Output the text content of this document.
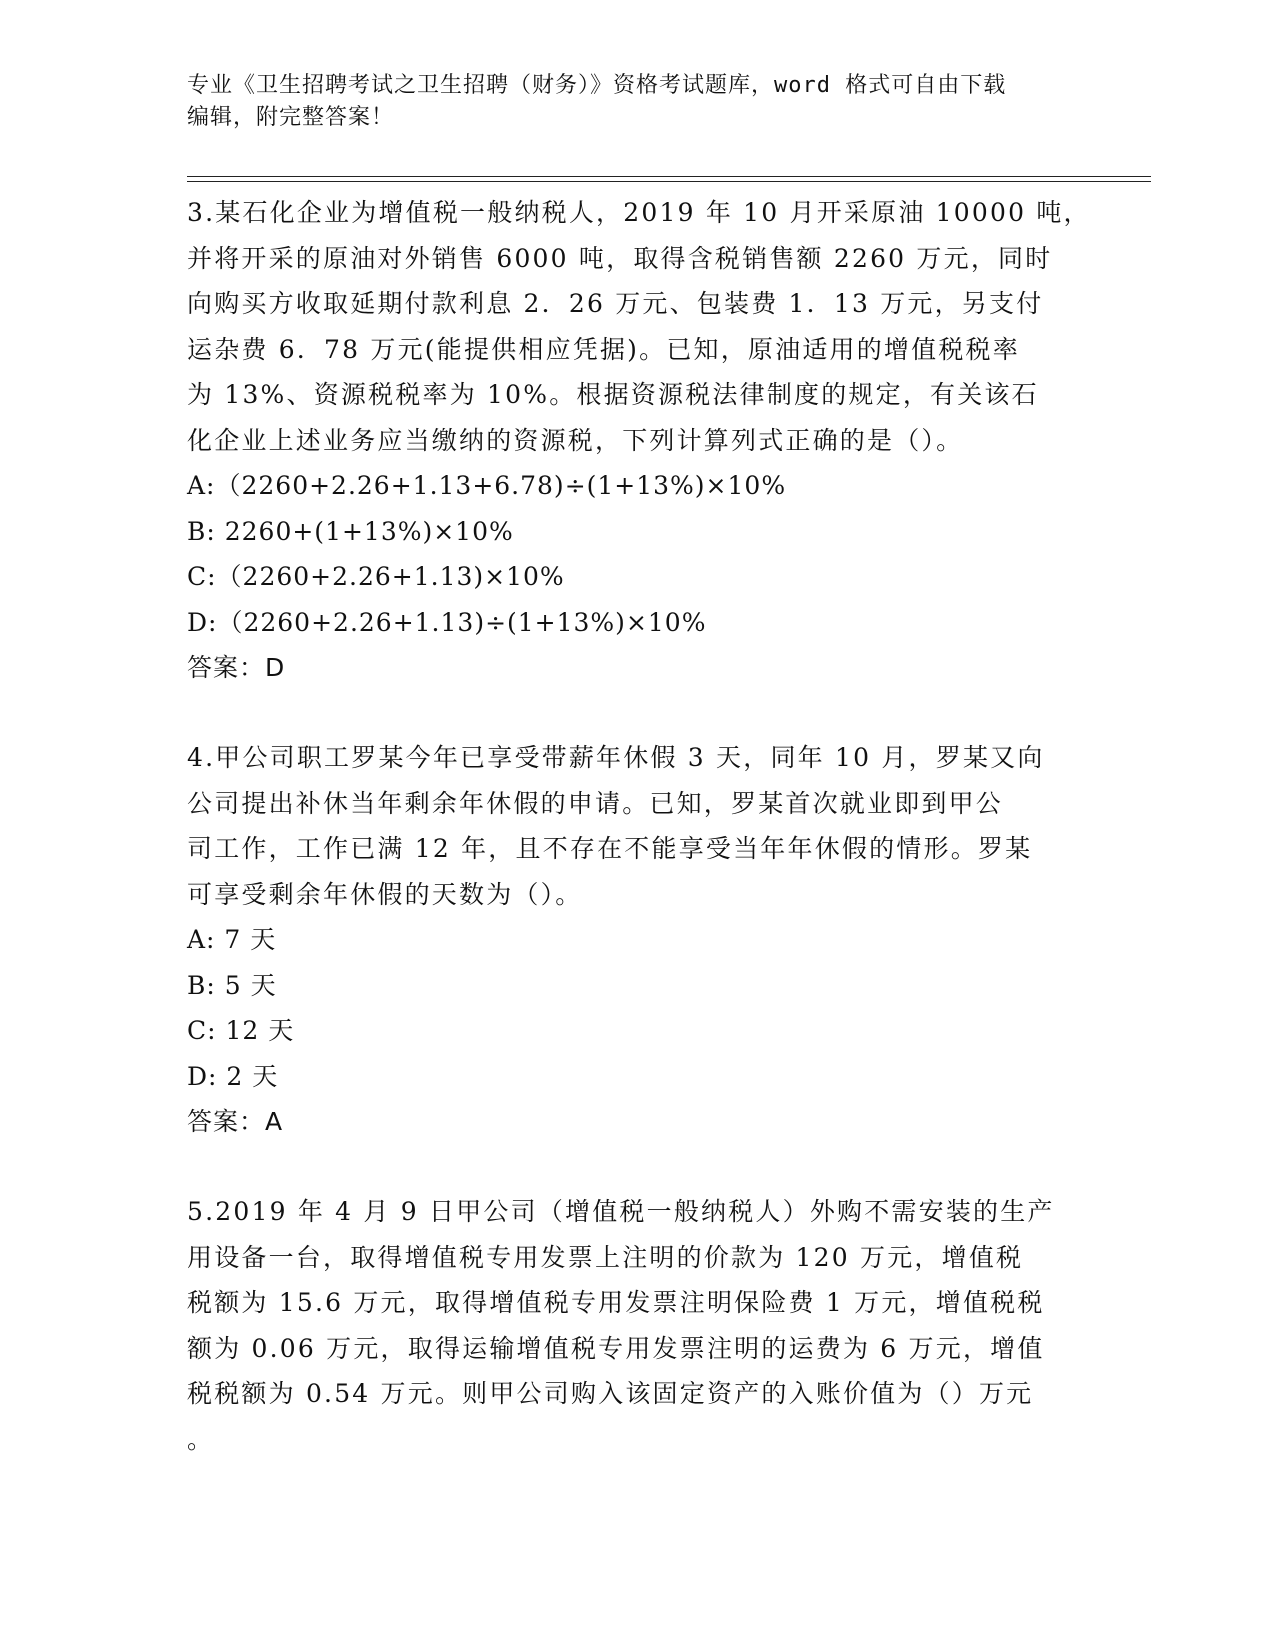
专业《卫生招聘考试之卫生招聘（财务）》资格考试题库，word 格式可自由下载
编辑，附完整答案！
3.某石化企业为增值税一般纳税人，2019 年 10 月开采原油 10000 吨，
并将开采的原油对外销售 6000 吨，取得含税销售额 2260 万元，同时
向购买方收取延期付款利息 2．26 万元、包装费 1．13 万元，另支付
运杂费 6．78 万元(能提供相应凭据)。已知，原油适用的增值税税率
为 13%、资源税税率为 10%。根据资源税法律制度的规定，有关该石
化企业上述业务应当缴纳的资源税，下列计算列式正确的是（）。
A:（2260+2.26+1.13+6.78)÷(1+13%)×10%
B: 2260+(1+13%)×10%
C:（2260+2.26+1.13)×10%
D:（2260+2.26+1.13)÷(1+13%)×10%
答案：D
4.甲公司职工罗某今年已享受带薪年休假 3 天，同年 10 月，罗某又向
公司提出补休当年剩余年休假的申请。已知，罗某首次就业即到甲公
司工作，工作已满 12 年，且不存在不能享受当年年休假的情形。罗某
可享受剩余年休假的天数为（）。
A: 7 天
B: 5 天
C: 12 天
D: 2 天
答案：A
5.2019 年 4 月 9 日甲公司（增值税一般纳税人）外购不需安装的生产
用设备一台，取得增值税专用发票上注明的价款为 120 万元，增值税
税额为 15.6 万元，取得增值税专用发票注明保险费 1 万元，增值税税
额为 0.06 万元，取得运输增值税专用发票注明的运费为 6 万元，增值
税税额为 0.54 万元。则甲公司购入该固定资产的入账价值为（）万元
。
